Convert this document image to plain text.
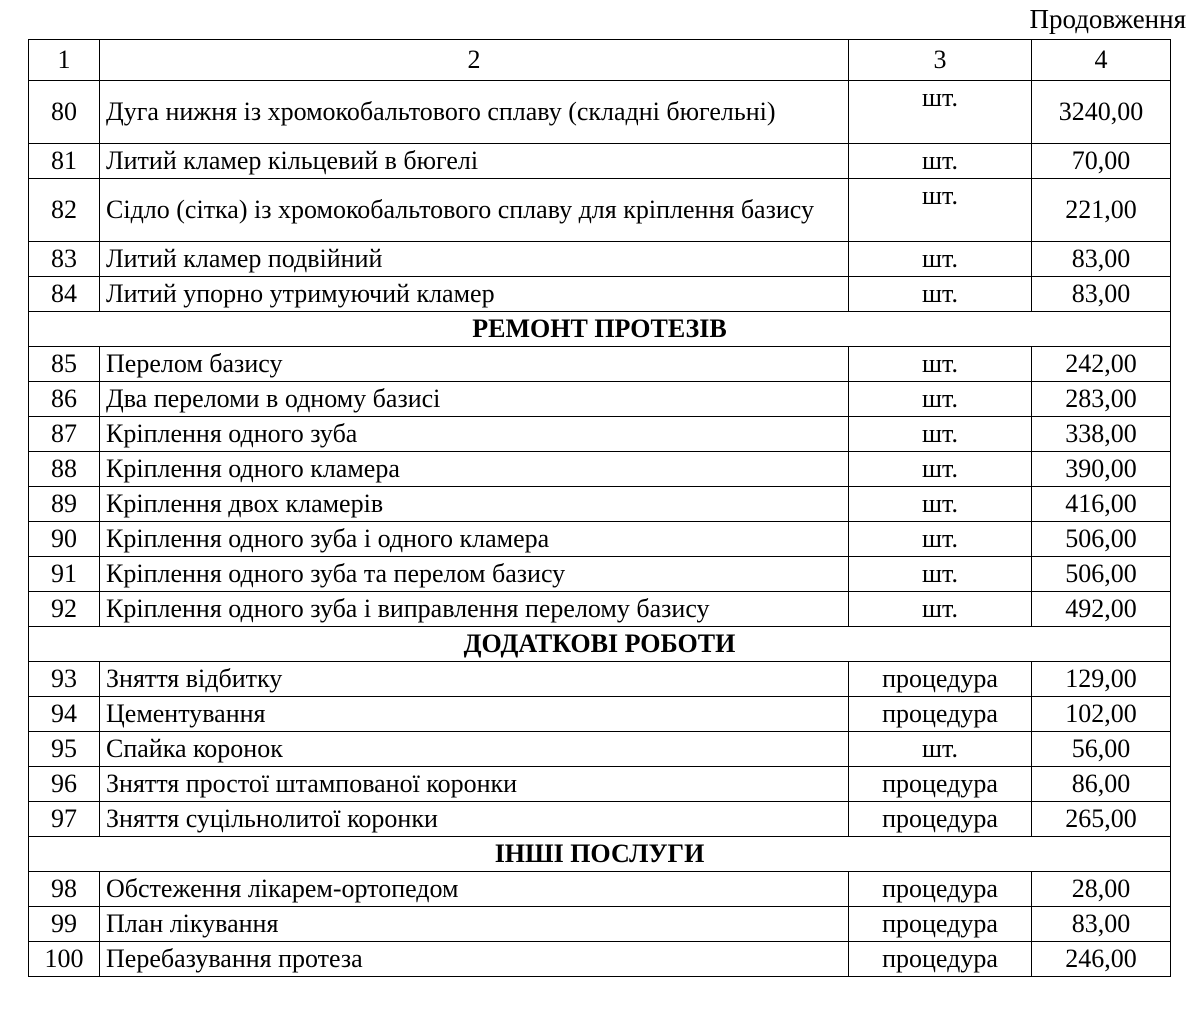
Продовження
1	2	3	4
80	Дуга нижня із хромокобальтового сплаву (складні бюгельні)	шт.	3240,00
81	Литий кламер кільцевий в бюгелі	шт.	70,00
82	Сідло (сітка) із хромокобальтового сплаву для кріплення базису	шт.	221,00
83	Литий кламер подвійний	шт.	83,00
84	Литий упорно утримуючий кламер	шт.	83,00
РЕМОНТ ПРОТЕЗІВ			
85	Перелом базису	шт.	242,00
86	Два переломи в одному базисі	шт.	283,00
87	Кріплення одного зуба	шт.	338,00
88	Кріплення одного кламера	шт.	390,00
89	Кріплення двох кламерів	шт.	416,00
90	Кріплення одного зуба і одного кламера	шт.	506,00
91	Кріплення одного зуба та перелом базису	шт.	506,00
92	Кріплення одного зуба і виправлення перелому базису	шт.	492,00
ДОДАТКОВІ РОБОТИ			
93	Зняття відбитку	процедура	129,00
94	Цементування	процедура	102,00
95	Спайка коронок	шт.	56,00
96	Зняття простої штампованої коронки	процедура	86,00
97	Зняття суцільнолитої коронки	процедура	265,00
ІНШІ ПОСЛУГИ			
98	Обстеження лікарем-ортопедом	процедура	28,00
99	План лікування	процедура	83,00
100	Перебазування протеза	процедура	246,00
